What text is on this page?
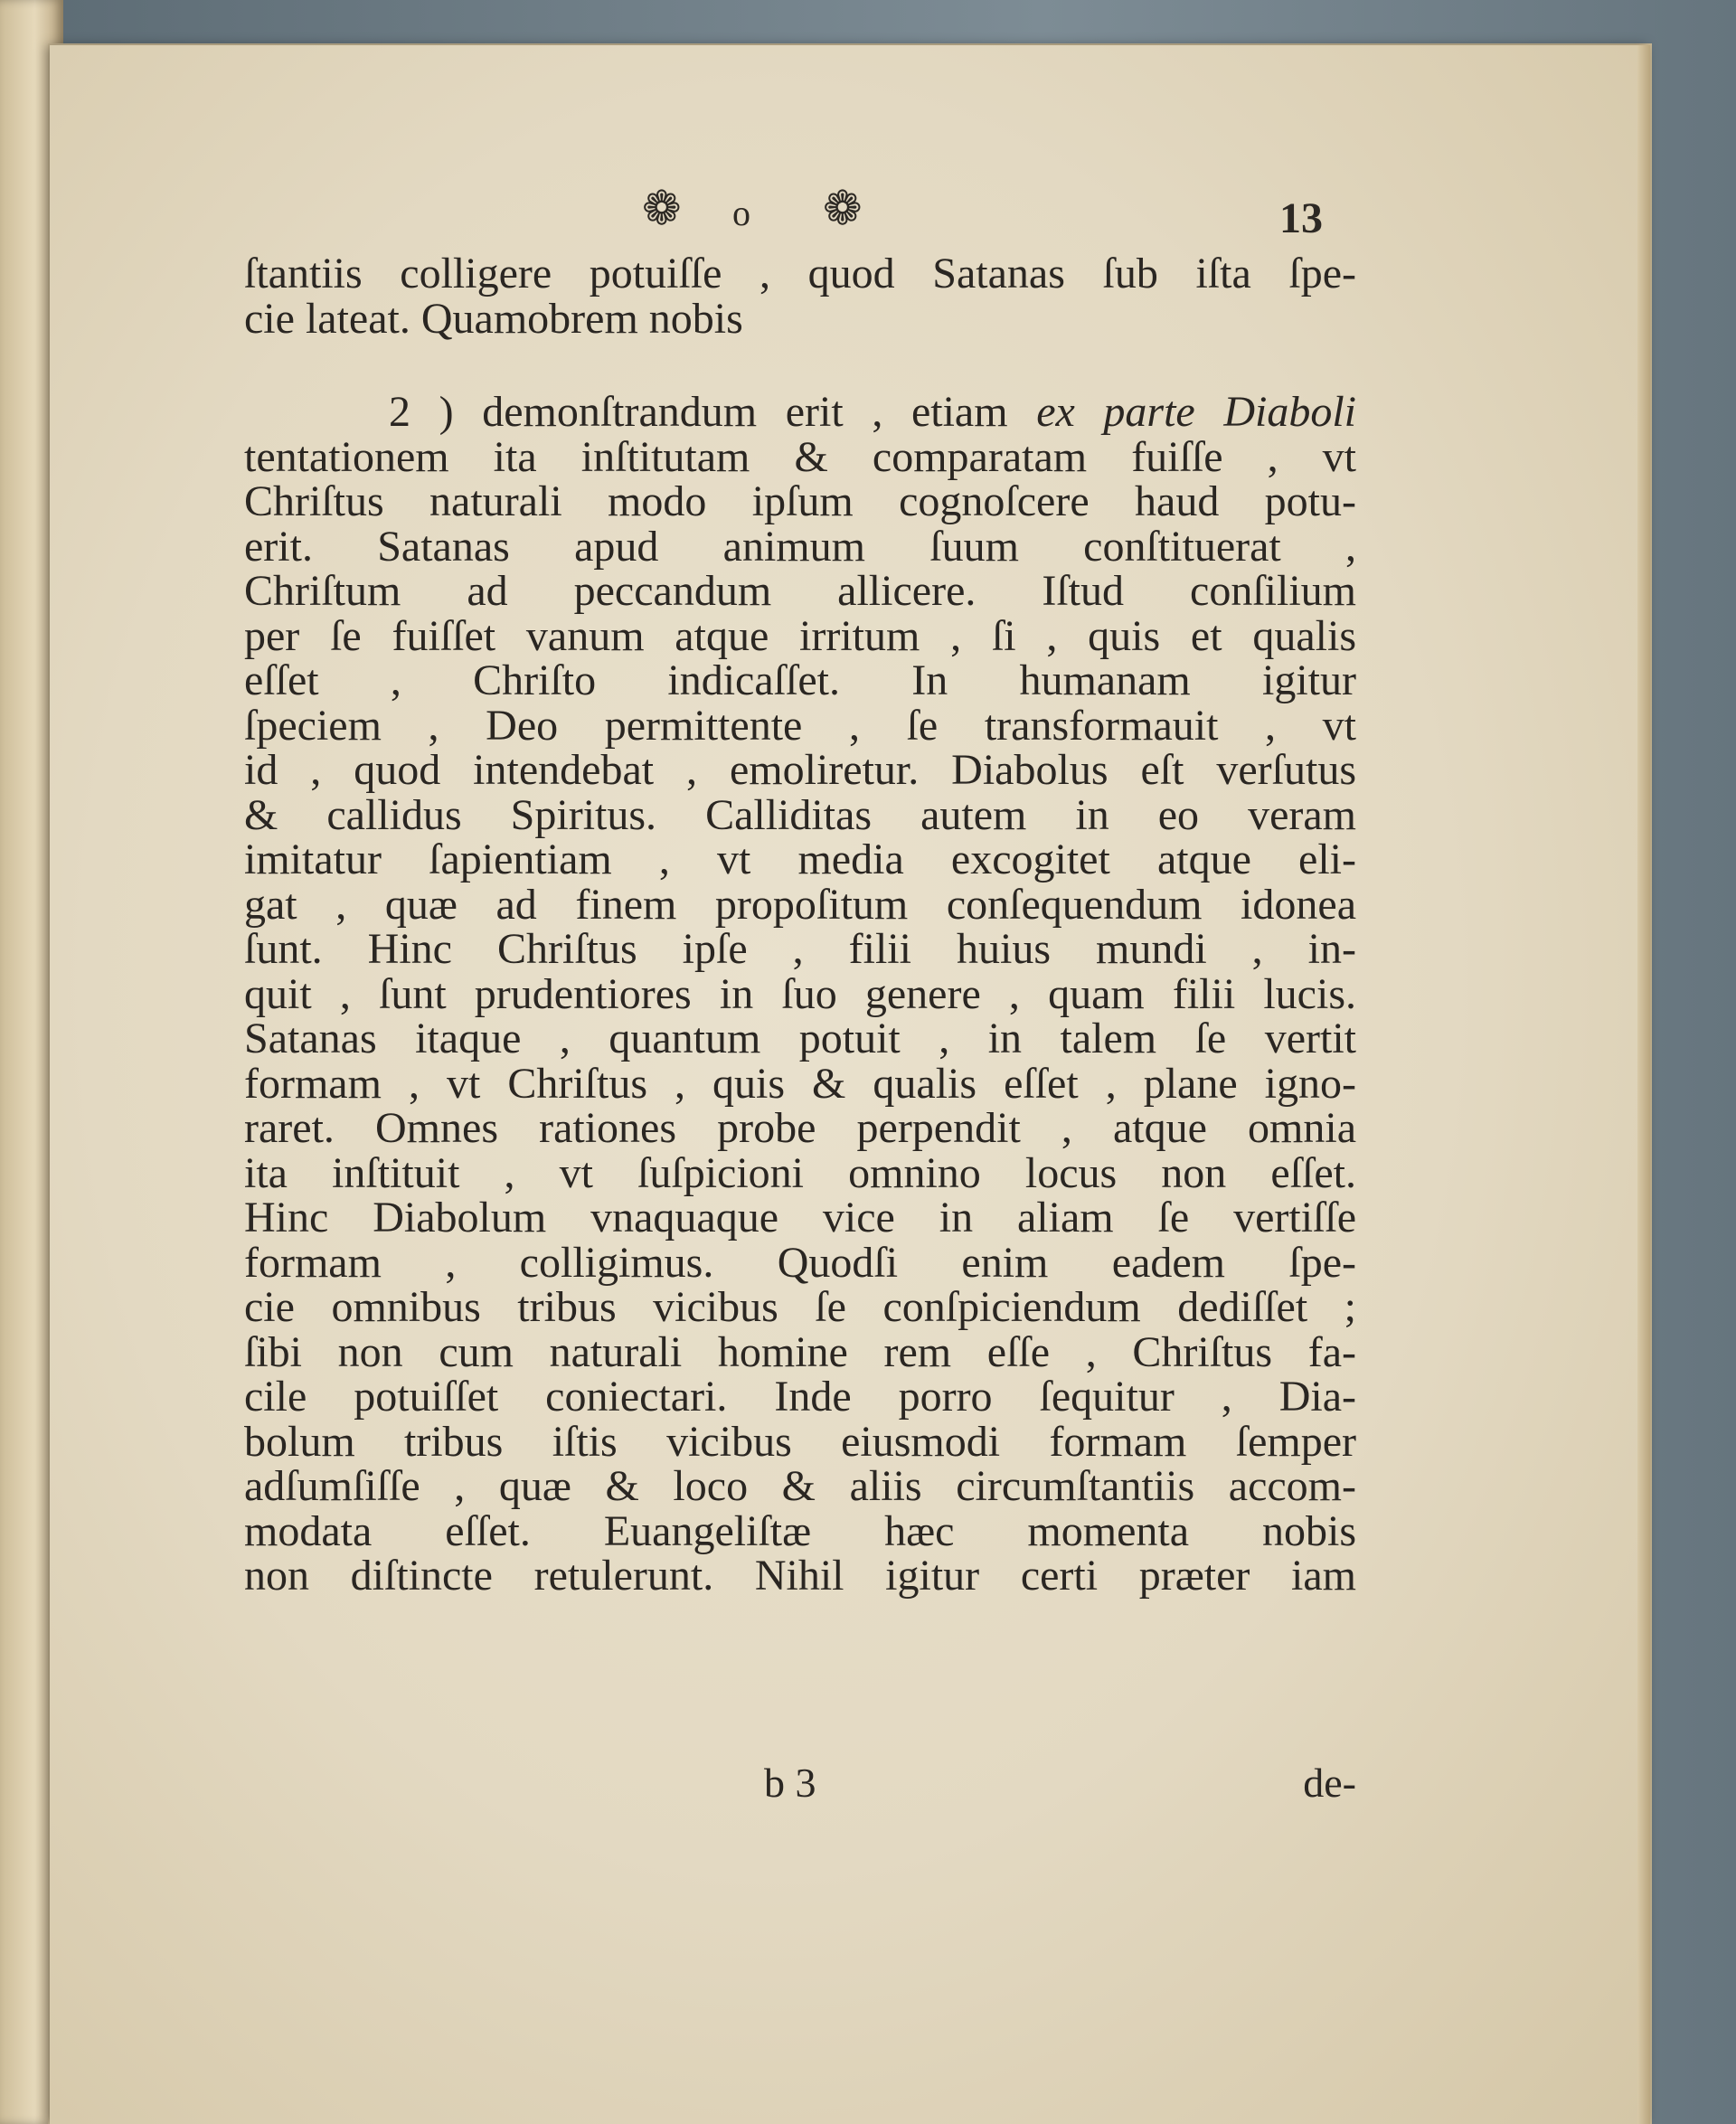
❁ o ❁	13
ſtantiis colligere potuiſſe , quod Satanas ſub iſta ſpe-
cie lateat. Quamobrem nobis
2 ) demonſtrandum erit , etiam ex parte Diaboli
tentationem ita inſtitutam & comparatam fuiſſe , vt
Chriſtus naturali modo ipſum cognoſcere haud potu-
erit. Satanas apud animum ſuum conſtituerat ,
Chriſtum ad peccandum allicere. Iſtud conſilium
per ſe fuiſſet vanum atque irritum , ſi , quis et qualis
eſſet , Chriſto indicaſſet. In humanam igitur
ſpeciem , Deo permittente , ſe transformauit , vt
id , quod intendebat , emoliretur. Diabolus eſt verſutus
& callidus Spiritus. Calliditas autem in eo veram
imitatur ſapientiam , vt media excogitet atque eli-
gat , quæ ad finem propoſitum conſequendum idonea
ſunt. Hinc Chriſtus ipſe , filii huius mundi , in-
quit , ſunt prudentiores in ſuo genere , quam filii lucis.
Satanas itaque , quantum potuit , in talem ſe vertit
formam , vt Chriſtus , quis & qualis eſſet , plane igno-
raret. Omnes rationes probe perpendit , atque omnia
ita inſtituit , vt ſuſpicioni omnino locus non eſſet.
Hinc Diabolum vnaquaque vice in aliam ſe vertiſſe
formam , colligimus. Quodſi enim eadem ſpe-
cie omnibus tribus vicibus ſe conſpiciendum dediſſet ;
ſibi non cum naturali homine rem eſſe , Chriſtus fa-
cile potuiſſet coniectari. Inde porro ſequitur , Dia-
bolum tribus iſtis vicibus eiusmodi formam ſemper
adſumſiſſe , quæ & loco & aliis circumſtantiis accom-
modata eſſet. Euangeliſtæ hæc momenta nobis
non diſtincte retulerunt. Nihil igitur certi præter iam
b 3	de-
